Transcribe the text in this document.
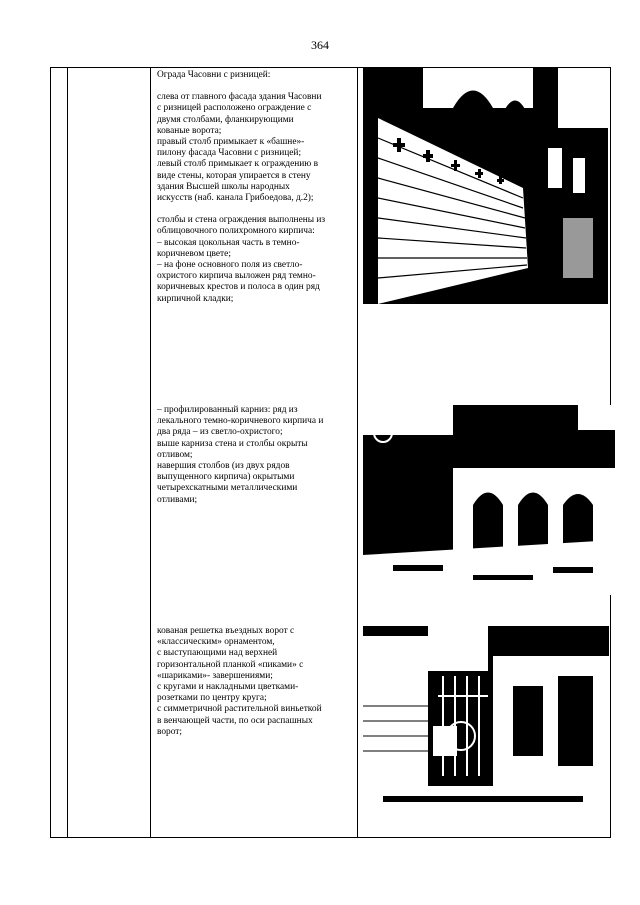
364

Ограда Часовни с ризницей:

слева от главного фасада здания Часовни

с ризницей расположено ограждение с

двумя столбами, фланкирующими

кованые ворота;

правый столб примыкает к «башне»-

пилону фасада Часовни с ризницей;

левый столб примыкает к ограждению в

виде стены, которая упирается в стену

здания Высшей школы народных

искусств (наб. канала Грибоедова, д.2);

столбы и стена ограждения выполнены из

облицовочного полихромного кирпича:

– высокая цокольная часть в темно-

коричневом цвете;

– на фоне основного поля из светло-

охристого кирпича выложен ряд темно-

коричневых крестов и полоса в один ряд

кирпичной кладки;

– профилированный карниз: ряд из

лекального темно-коричневого кирпича и

два ряда – из светло-охристого;

выше карниза стена и столбы окрыты

отливом;

навершия столбов (из двух рядов

выпущенного кирпича) окрытыми

четырехскатными металлическими

отливами;

кованая решетка въездных ворот с

«классическим» орнаментом,

с выступающими над верхней

горизонтальной планкой «пиками» с

«шариками»- завершениями;

с кругами и накладными цветками-

розетками по центру круга;

с симметричной растительной виньеткой

в венчающей части, по оси распашных

ворот;
